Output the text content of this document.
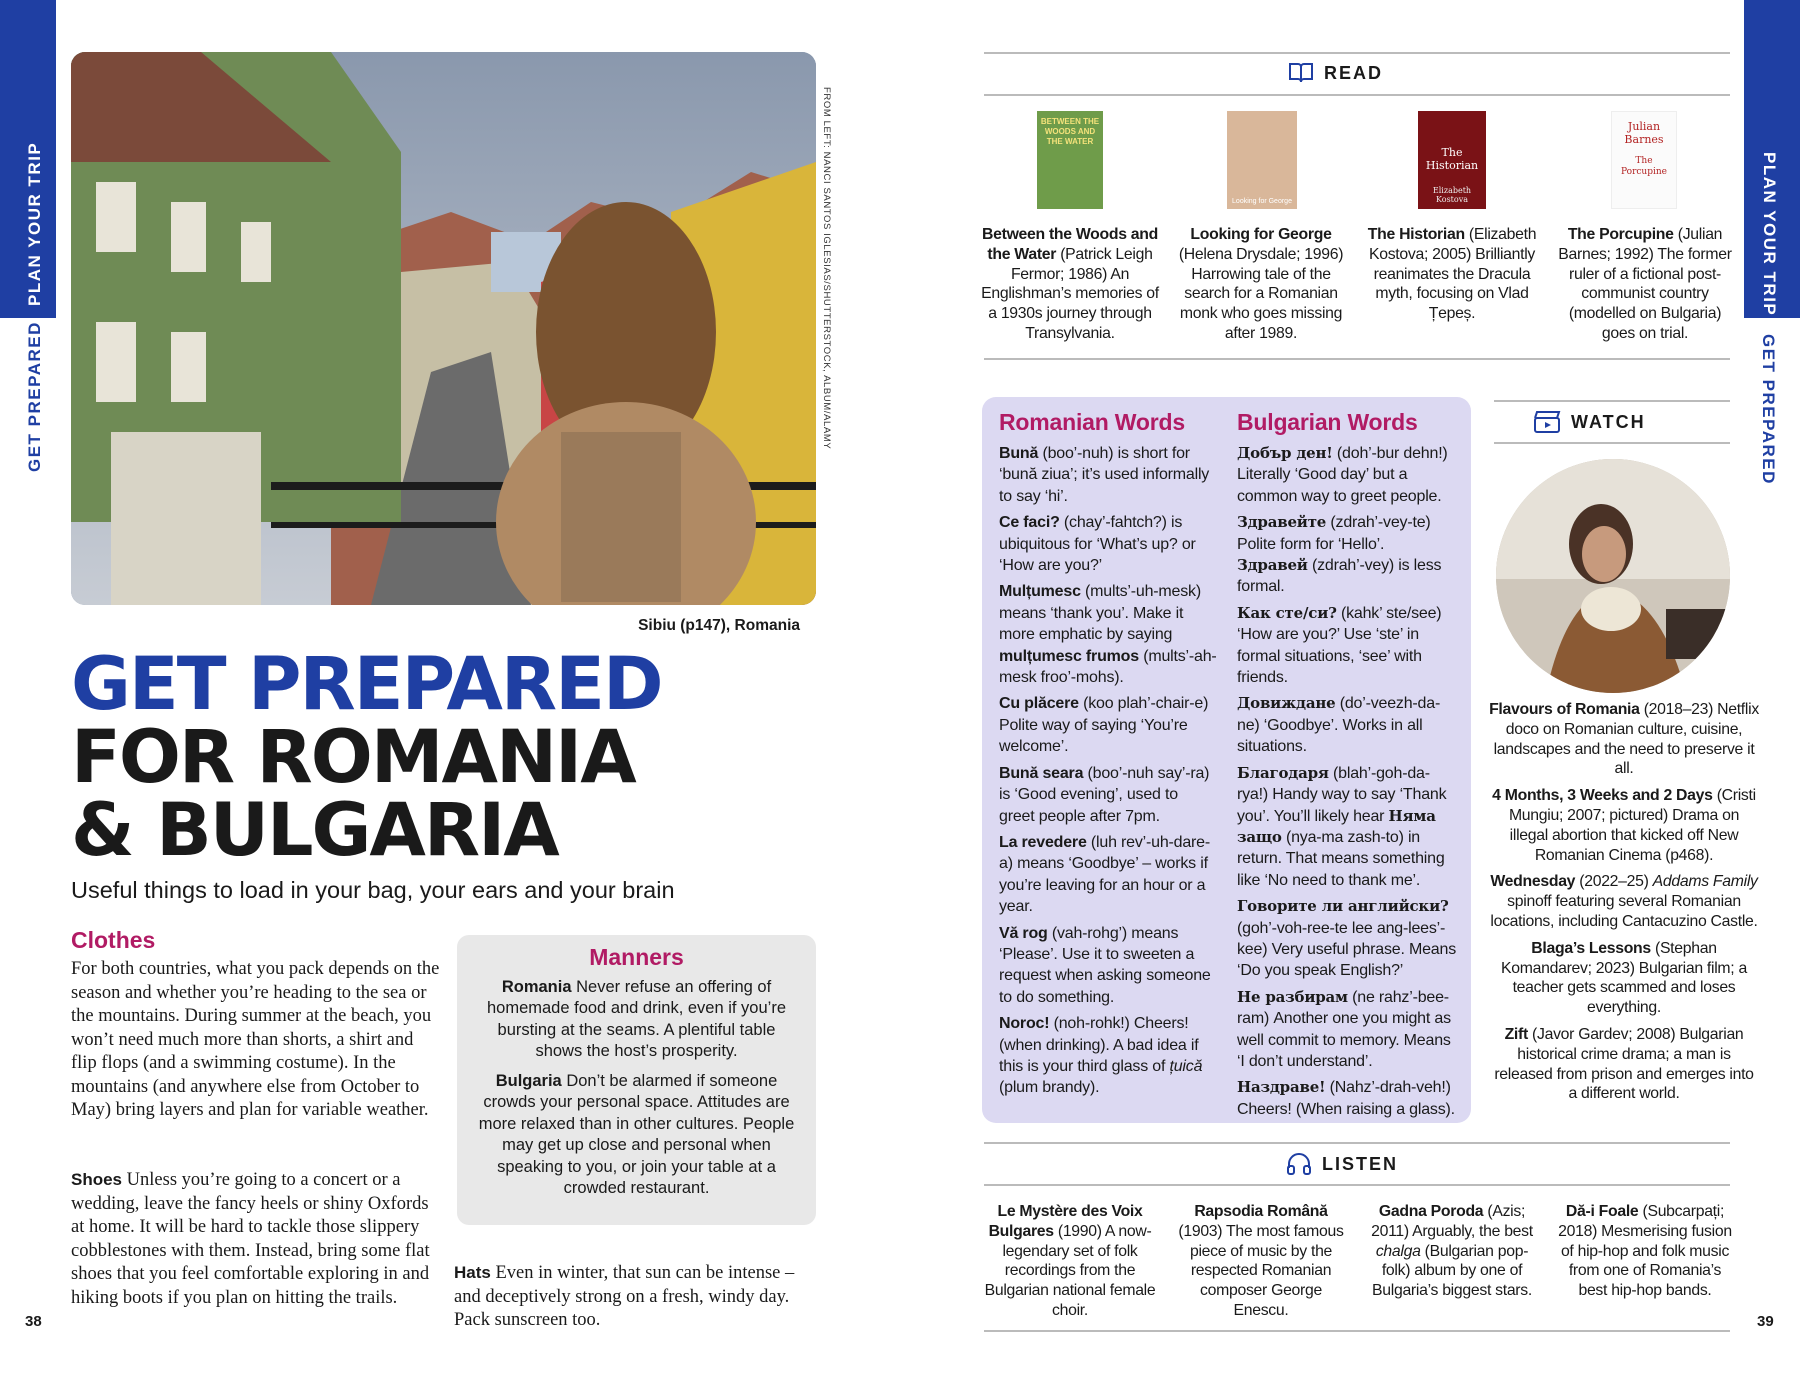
PLAN YOUR TRIP
GET PREPARED
PLAN YOUR TRIP
GET PREPARED
FROM LEFT: NANCI SANTOS IGLESIAS/SHUTTERSTOCK, ALBUM/ALAMY
Sibiu (p147), Romania
GET PREPARED
FOR ROMANIA
& BULGARIA
Useful things to load in your bag, your ears and your brain
Clothes

For both countries, what you pack depends on the season and whether you’re heading to the sea or the mountains. During summer at the beach, you won’t need much more than shorts, a shirt and flip flops (and a swimming costume). In the mountains (and anywhere else from October to May) bring layers and plan for variable weather.

Shoes Unless you’re going to a concert or a wedding, leave the fancy heels or shiny Oxfords at home. It will be hard to tackle those slippery cobblestones with them. Instead, bring some flat shoes that you feel comfortable exploring in and hiking boots if you plan on hitting the trails.

Hats Even in winter, that sun can be intense – and deceptively strong on a fresh, windy day. Pack sunscreen too.

Manners

Romania Never refuse an offering of homemade food and drink, even if you’re bursting at the seams. A plentiful table shows the host’s prosperity.

Bulgaria Don’t be alarmed if someone crowds your personal space. Attitudes are more relaxed than in other cultures. People may get up close and personal when speaking to you, or join your table at a crowded restaurant.

38	39
READ
BETWEEN THE WOODS AND THE WATER
Looking for George
The Historian
Elizabeth Kostova
Julian Barnes
The Porcupine
Between the Woods and the Water (Patrick Leigh Fermor; 1986) An Englishman’s memories of a 1930s journey through Transylvania.
Looking for George (Helena Drysdale; 1996) Harrowing tale of the search for a Romanian monk who goes missing after 1989.
The Historian (Elizabeth Kostova; 2005) Brilliantly reanimates the Dracula myth, focusing on Vlad Țepeș.
The Porcupine (Julian Barnes; 1992) The former ruler of a fictional post-communist country (modelled on Bulgaria) goes on trial.
Romanian Words

Bună (boo’-nuh) is short for ‘bună ziua’; it’s used informally to say ‘hi’.

Ce faci? (chay’-fahtch?) is ubiquitous for ‘What’s up? or ‘How are you?’

Mulțumesc (mults’-uh-mesk) means ‘thank you’. Make it more emphatic by saying mulțumesc frumos (mults’-ah-mesk froo’-mohs).

Cu plăcere (koo plah’-chair-e) Polite way of saying ‘You’re welcome’.

Bună seara (boo’-nuh say’-ra) is ‘Good evening’, used to greet people after 7pm.

La revedere (luh rev’-uh-dare-a) means ‘Goodbye’ – works if you’re leaving for an hour or a year.

Vă rog (vah-rohg’) means ‘Please’. Use it to sweeten a request when asking someone to do something.

Noroc! (noh-rohk!) Cheers! (when drinking). A bad idea if this is your third glass of țuică (plum brandy).

Bulgarian Words

Добър ден! (doh’-bur dehn!) Literally ‘Good day’ but a common way to greet people.

Здравейте (zdrah’-vey-te) Polite form for ‘Hello’. Здравей (zdrah’-vey) is less formal.

Как сте/си? (kahk’ ste/see) ‘How are you?’ Use ‘ste’ in formal situations, ‘see’ with friends.

Довиждане (do’-veezh-da-ne) ‘Goodbye’. Works in all situations.

Благодаря (blah’-goh-da-rya!) Handy way to say ‘Thank you’. You’ll likely hear Няма защо (nya-ma zash-to) in return. That means something like ‘No need to thank me’.

Говорите ли английски? (goh’-voh-ree-te lee ang-lees’-kee) Very useful phrase. Means ‘Do you speak English?’

Не разбирам (ne rahz’-bee-ram) Another one you might as well commit to memory. Means ‘I don’t understand’.

Наздраве! (Nahz’-drah-veh!) Cheers! (When raising a glass).

WATCH

Flavours of Romania (2018–23) Netflix doco on Romanian culture, cuisine, landscapes and the need to preserve it all.

4 Months, 3 Weeks and 2 Days (Cristi Mungiu; 2007; pictured) Drama on illegal abortion that kicked off New Romanian Cinema (p468).

Wednesday (2022–25) Addams Family spinoff featuring several Romanian locations, including Cantacuzino Castle.

Blaga’s Lessons (Stephan Komandarev; 2023) Bulgarian film; a teacher gets scammed and loses everything.

Zift (Javor Gardev; 2008) Bulgarian historical crime drama; a man is released from prison and emerges into a different world.

LISTEN
Le Mystère des Voix Bulgares (1990) A now-legendary set of folk recordings from the Bulgarian national female choir.
Rapsodia Română (1903) The most famous piece of music by the respected Romanian composer George Enescu.
Gadna Poroda (Azis; 2011) Arguably, the best chalga (Bulgarian pop-folk) album by one of Bulgaria’s biggest stars.
Dă-i Foale (Subcarpați; 2018) Mesmerising fusion of hip-hop and folk music from one of Romania’s best hip-hop bands.
